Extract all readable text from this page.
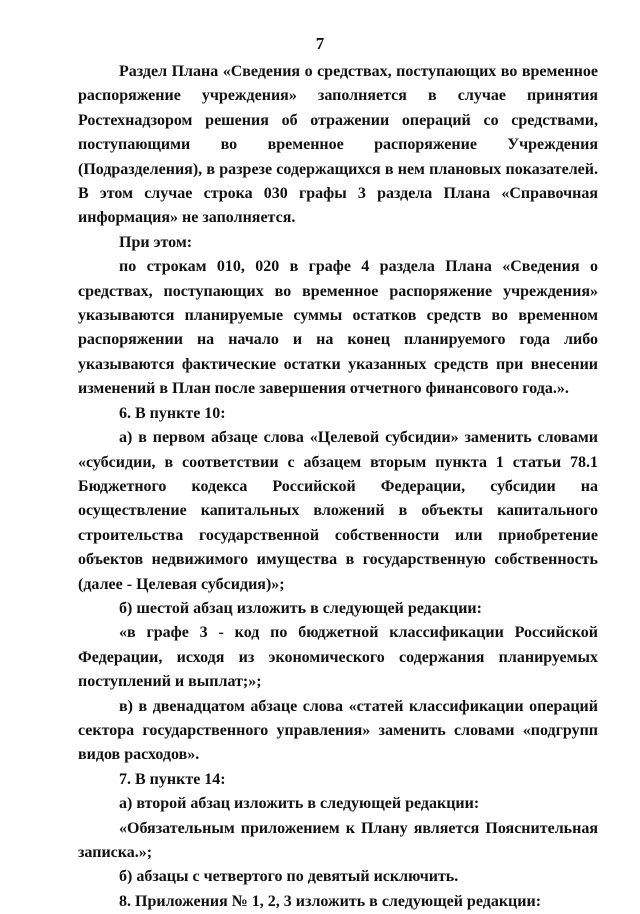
7

Раздел Плана «Сведения о средствах, поступающих во временное распоряжение учреждения» заполняется в случае принятия Ростехнадзором решения об отражении операций со средствами, поступающими во временное распоряжение Учреждения (Подразделения), в разрезе содержащихся в нем плановых показателей. В этом случае строка 030 графы 3 раздела Плана «Справочная информация» не заполняется.

При этом:

по строкам 010, 020 в графе 4 раздела Плана «Сведения о средствах, поступающих во временное распоряжение учреждения» указываются планируемые суммы остатков средств во временном распоряжении на начало и на конец планируемого года либо указываются фактические остатки указанных средств при внесении изменений в План после завершения отчетного финансового года.».

6. В пункте 10:

а) в первом абзаце слова «Целевой субсидии» заменить словами «субсидии, в соответствии с абзацем вторым пункта 1 статьи 78.1 Бюджетного кодекса Российской Федерации, субсидии на осуществление капитальных вложений в объекты капитального строительства государственной собственности или приобретение объектов недвижимого имущества в государственную собственность (далее - Целевая субсидия)»;

б) шестой абзац изложить в следующей редакции:

«в графе 3 - код по бюджетной классификации Российской Федерации, исходя из экономического содержания планируемых поступлений и выплат;»;

в) в двенадцатом абзаце слова «статей классификации операций сектора государственного управления» заменить словами «подгрупп видов расходов».

7. В пункте 14:

а) второй абзац изложить в следующей редакции:

«Обязательным приложением к Плану является Пояснительная записка.»;

б) абзацы с четвертого по девятый исключить.

8. Приложения № 1, 2, 3 изложить в следующей редакции:
